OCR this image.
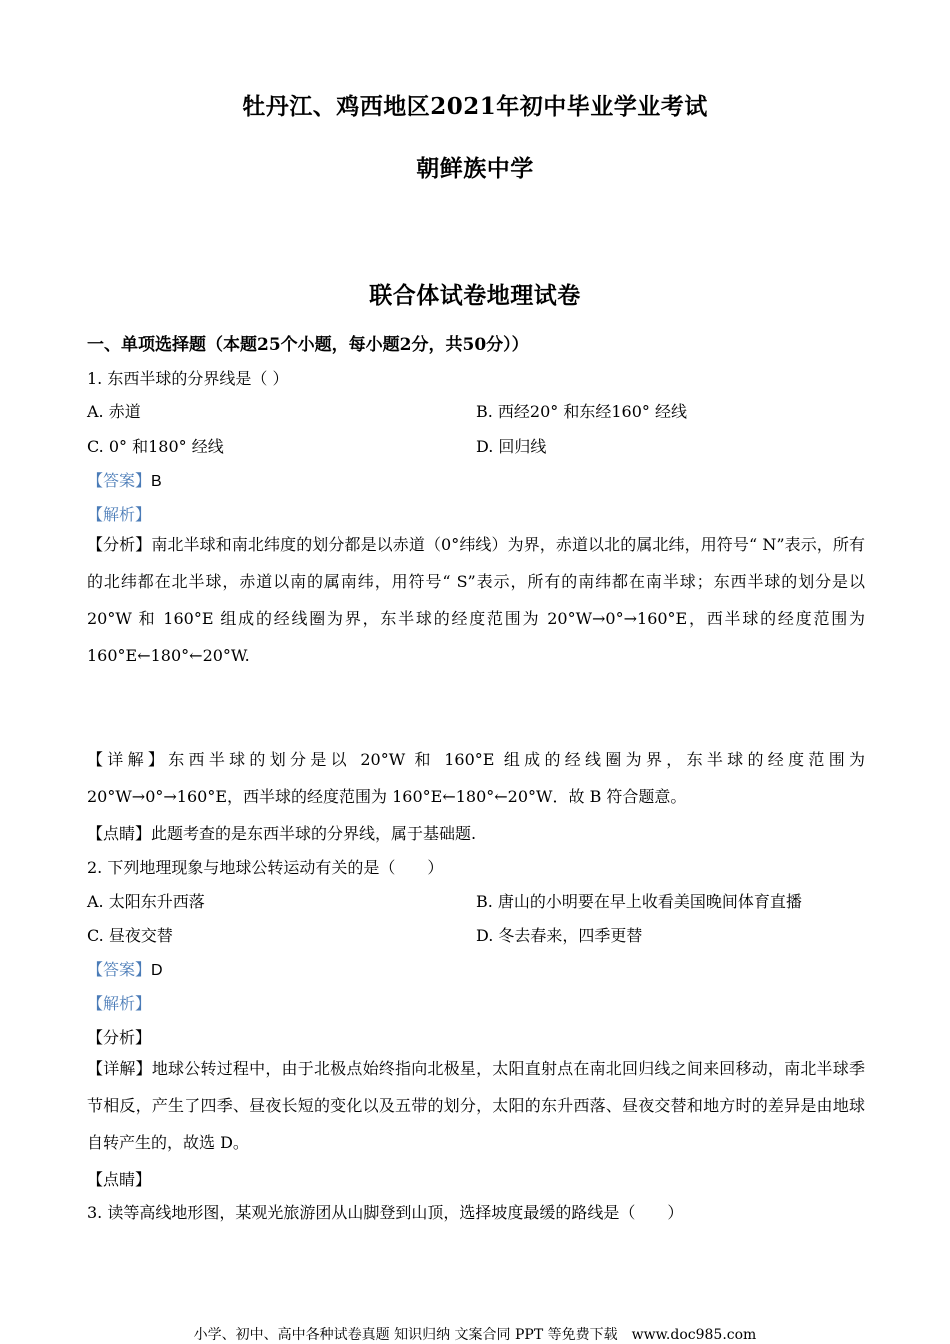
牡丹江、鸡西地区2021年初中毕业学业考试
朝鲜族中学
联合体试卷地理试卷
一、单项选择题（本题25个小题，每小题2分，共50分））
1. 东西半球的分界线是（ ）
A. 赤道	B. 西经20° 和东经160° 经线
C. 0° 和180° 经线	D. 回归线
【答案】B
【解析】
【分析】南北半球和南北纬度的划分都是以赤道（0°纬线）为界，赤道以北的属北纬，用符号“ N”表示，所有的北纬都在北半球，赤道以南的属南纬，用符号“ S”表示，所有的南纬都在南半球；东西半球的划分是以 20°W 和 160°E 组成的经线圈为界，东半球的经度范围为 20°W→0°→160°E，西半球的经度范围为 160°E←180°←20°W.
【详解】东西半球的划分是以 20°W 和 160°E 组成的经线圈为界，东半球的经度范围为 20°W→0°→160°E，西半球的经度范围为 160°E←180°←20°W．故 B 符合题意。
【点睛】此题考查的是东西半球的分界线，属于基础题.
2. 下列地理现象与地球公转运动有关的是（　　）
A. 太阳东升西落	B. 唐山的小明要在早上收看美国晚间体育直播
C. 昼夜交替	D. 冬去春来，四季更替
【答案】D
【解析】
【分析】
【详解】地球公转过程中，由于北极点始终指向北极星，太阳直射点在南北回归线之间来回移动，南北半球季节相反，产生了四季、昼夜长短的变化以及五带的划分，太阳的东升西落、昼夜交替和地方时的差异是由地球自转产生的，故选 D。
【点睛】
3. 读等高线地形图，某观光旅游团从山脚登到山顶，选择坡度最缓的路线是（　　）
小学、初中、高中各种试卷真题 知识归纳 文案合同 PPT 等免费下载　www.doc985.com
